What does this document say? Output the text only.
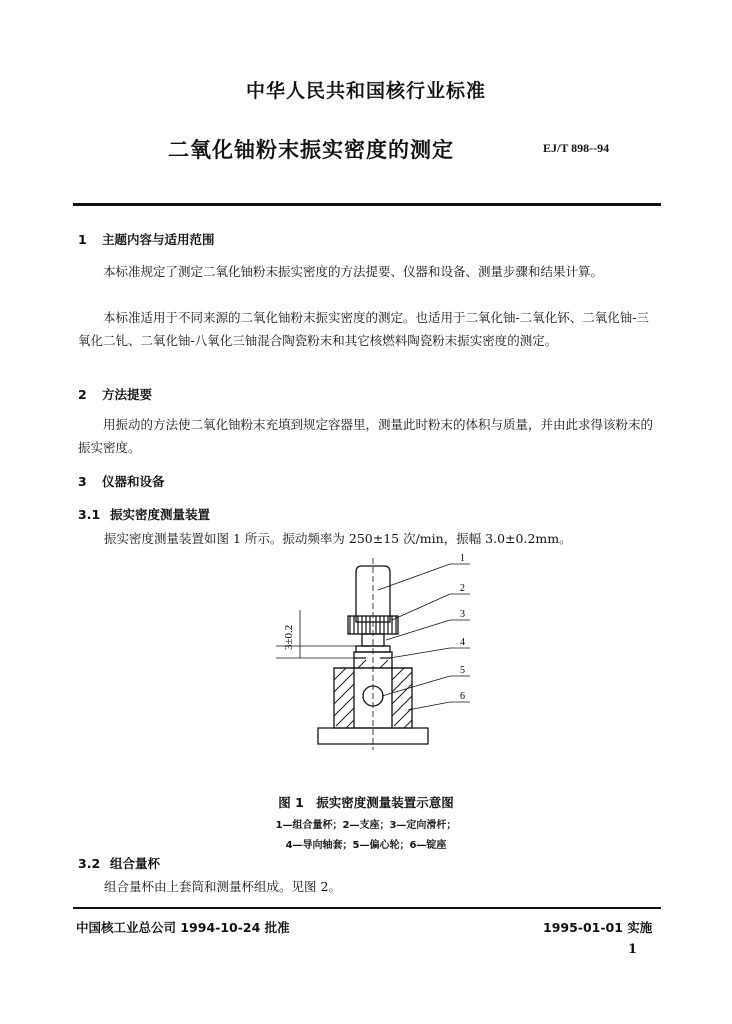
中华人民共和国核行业标准
二氧化铀粉末振实密度的测定	EJ/T 898--94
1 主题内容与适用范围
本标准规定了测定二氧化铀粉末振实密度的方法提要、仪器和设备、测量步骤和结果计算。
本标准适用于不同来源的二氧化铀粉末振实密度的测定。也适用于二氧化铀-二氧化钚、二氧化铀-三氧化二钆、二氧化铀-八氧化三铀混合陶瓷粉末和其它核燃料陶瓷粉末振实密度的测定。
2 方法提要
用振动的方法使二氧化铀粉末充填到规定容器里，测量此时粉末的体积与质量，并由此求得该粉末的振实密度。
3 仪器和设备
3.1 振实密度测量装置
振实密度测量装置如图 1 所示。振动频率为 250±15 次/min，振幅 3.0±0.2mm。
3±0.2
1
2
3
4
5
6
图 1　振实密度测量装置示意图
1—组合量杯；2—支座；3—定向滑杆；
4—导向轴套；5—偏心轮；6—锭座
3.2 组合量杯
组合量杯由上套筒和测量杯组成。见图 2。
中国核工业总公司 1994-10-24 批准	1995-01-01 实施
1
